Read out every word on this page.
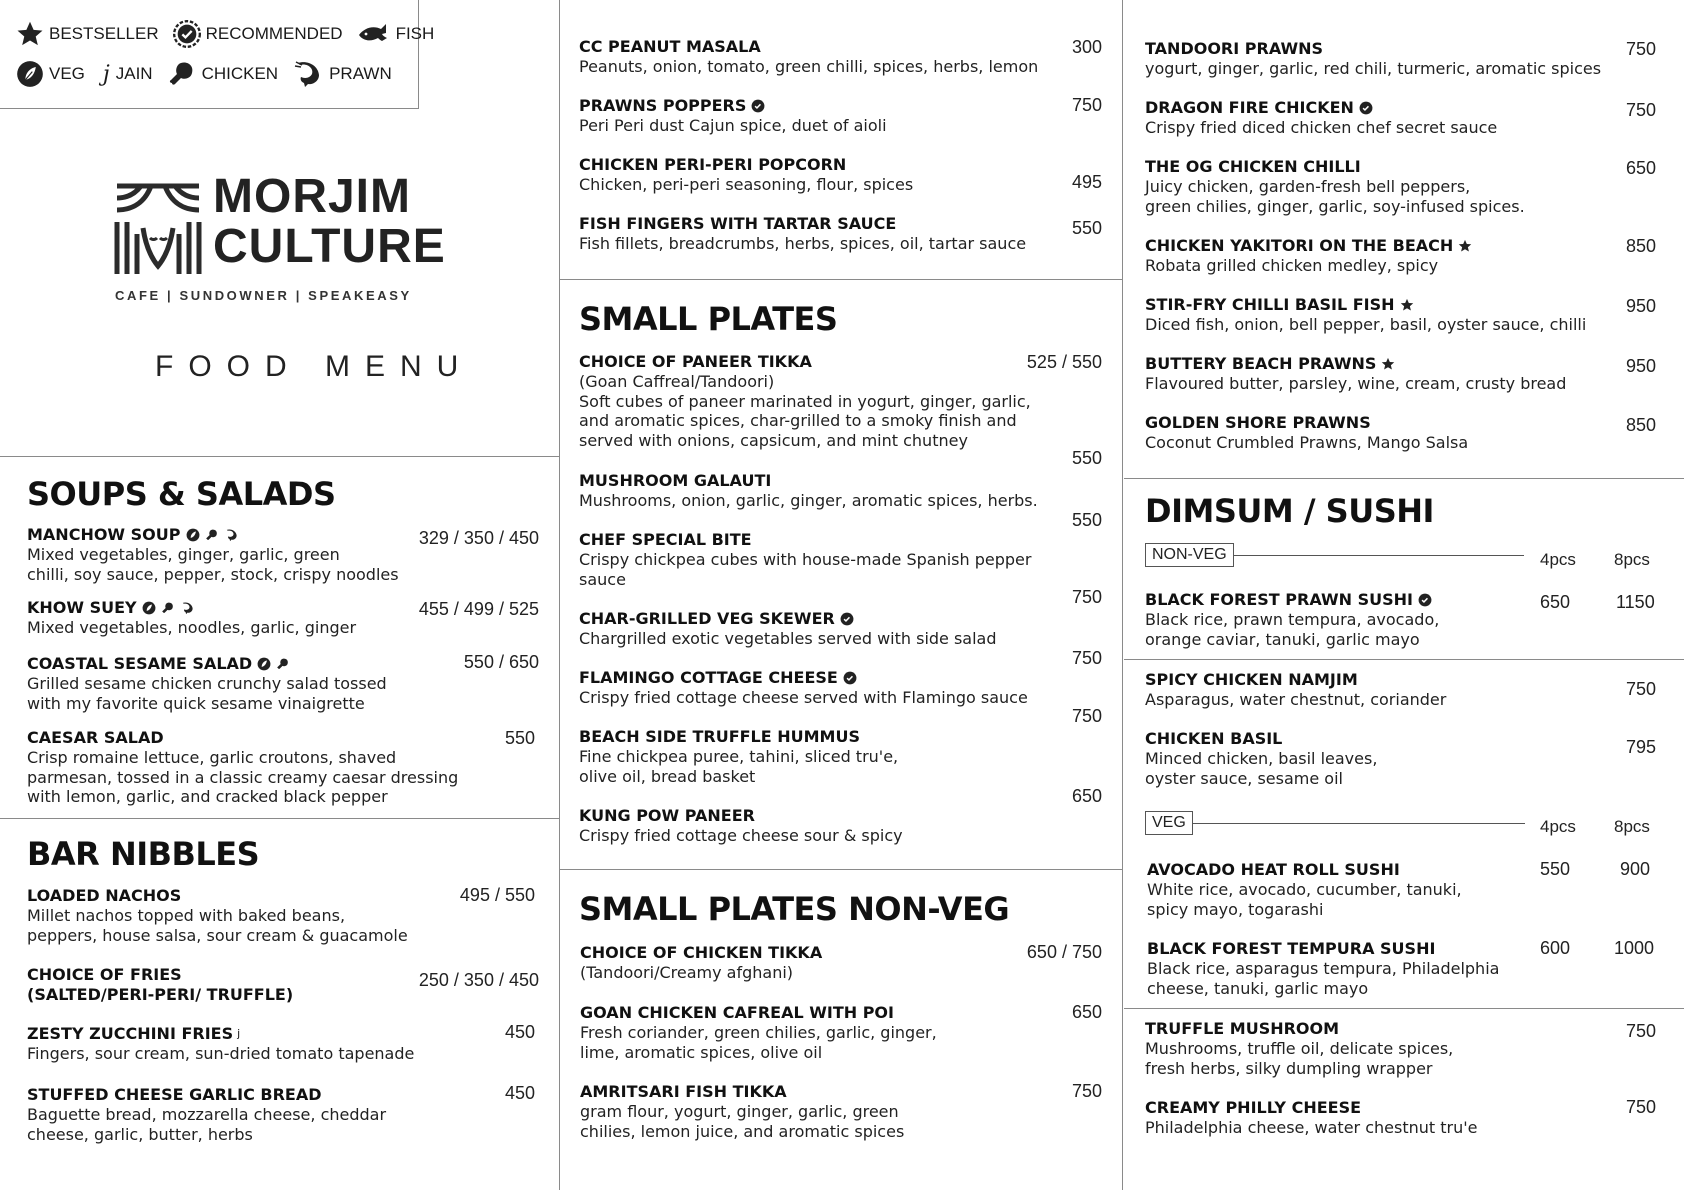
BESTSELLER	RECOMMENDED	FISH
VEG j JAIN	CHICKEN	PRAWN
MORJIM
CULTURE
CAFE | SUNDOWNER | SPEAKEASY
FOOD MENU
SOUPS & SALADS
MANCHOW SOUP
Mixed vegetables, ginger, garlic, green
chilli, soy sauce, pepper, stock, crispy noodles
329 / 350 / 450
KHOW SUEY
Mixed vegetables, noodles, garlic, ginger
455 / 499 / 525
COASTAL SESAME SALAD
Grilled sesame chicken crunchy salad tossed
with my favorite quick sesame vinaigrette
550 / 650
CAESAR SALAD
Crisp romaine lettuce, garlic croutons, shaved
parmesan, tossed in a classic creamy caesar dressing
with lemon, garlic, and cracked black pepper
550
BAR NIBBLES
LOADED NACHOS
Millet nachos topped with baked beans,
peppers, house salsa, sour cream & guacamole
495 / 550
CHOICE OF FRIES
(SALTED/PERI-PERI/ TRUFFLE)
250 / 350 / 450
ZESTY ZUCCHINI FRIES j
Fingers, sour cream, sun-dried tomato tapenade
450
STUFFED CHEESE GARLIC BREAD
Baguette bread, mozzarella cheese, cheddar
cheese, garlic, butter, herbs
450
CC PEANUT MASALA
Peanuts, onion, tomato, green chilli, spices, herbs, lemon
300
PRAWNS POPPERS
Peri Peri dust Cajun spice, duet of aioli
750
CHICKEN PERI-PERI POPCORN
Chicken, peri-peri seasoning, flour, spices	495
FISH FINGERS WITH TARTAR SAUCE
Fish fillets, breadcrumbs, herbs, spices, oil, tartar sauce
550
SMALL PLATES
CHOICE OF PANEER TIKKA
(Goan Caffreal/Tandoori)
Soft cubes of paneer marinated in yogurt, ginger, garlic,
and aromatic spices, char-grilled to a smoky finish and
served with onions, capsicum, and mint chutney
525 / 550
MUSHROOM GALAUTI
Mushrooms, onion, garlic, ginger, aromatic spices, herbs.
550
CHEF SPECIAL BITE
Crispy chickpea cubes with house-made Spanish pepper
sauce
550
CHAR-GRILLED VEG SKEWER
Chargrilled exotic vegetables served with side salad
750
FLAMINGO COTTAGE CHEESE
Crispy fried cottage cheese served with Flamingo sauce
750
BEACH SIDE TRUFFLE HUMMUS
Fine chickpea puree, tahini, sliced tru'e,
olive oil, bread basket
750
KUNG POW PANEER
Crispy fried cottage cheese sour & spicy
650
SMALL PLATES NON-VEG
CHOICE OF CHICKEN TIKKA
(Tandoori/Creamy afghani)
650 / 750
GOAN CHICKEN CAFREAL WITH POI
Fresh coriander, green chilies, garlic, ginger,
lime, aromatic spices, olive oil
650
AMRITSARI FISH TIKKA
gram flour, yogurt, ginger, garlic, green
chilies, lemon juice, and aromatic spices
750
TANDOORI PRAWNS
yogurt, ginger, garlic, red chili, turmeric, aromatic spices
750
DRAGON FIRE CHICKEN
Crispy fried diced chicken chef secret sauce
750
THE OG CHICKEN CHILLI
Juicy chicken, garden-fresh bell peppers,
green chilies, ginger, garlic, soy-infused spices.
650
CHICKEN YAKITORI ON THE BEACH
Robata grilled chicken medley, spicy
850
STIR-FRY CHILLI BASIL FISH
Diced fish, onion, bell pepper, basil, oyster sauce, chilli
950
BUTTERY BEACH PRAWNS
Flavoured butter, parsley, wine, cream, crusty bread
950
GOLDEN SHORE PRAWNS
Coconut Crumbled Prawns, Mango Salsa
850
DIMSUM / SUSHI
NON-VEG	4pcs 8pcs
BLACK FOREST PRAWN SUSHI
Black rice, prawn tempura, avocado,
orange caviar, tanuki, garlic mayo
650	1150
SPICY CHICKEN NAMJIM
Asparagus, water chestnut, coriander
750
CHICKEN BASIL
Minced chicken, basil leaves,
oyster sauce, sesame oil
795
VEG	4pcs 8pcs
AVOCADO HEAT ROLL SUSHI
White rice, avocado, cucumber, tanuki,
spicy mayo, togarashi
550	900
BLACK FOREST TEMPURA SUSHI
Black rice, asparagus tempura, Philadelphia
cheese, tanuki, garlic mayo
600 1000
TRUFFLE MUSHROOM
Mushrooms, truffle oil, delicate spices,
fresh herbs, silky dumpling wrapper
750
CREAMY PHILLY CHEESE
Philadelphia cheese, water chestnut tru'e
750
